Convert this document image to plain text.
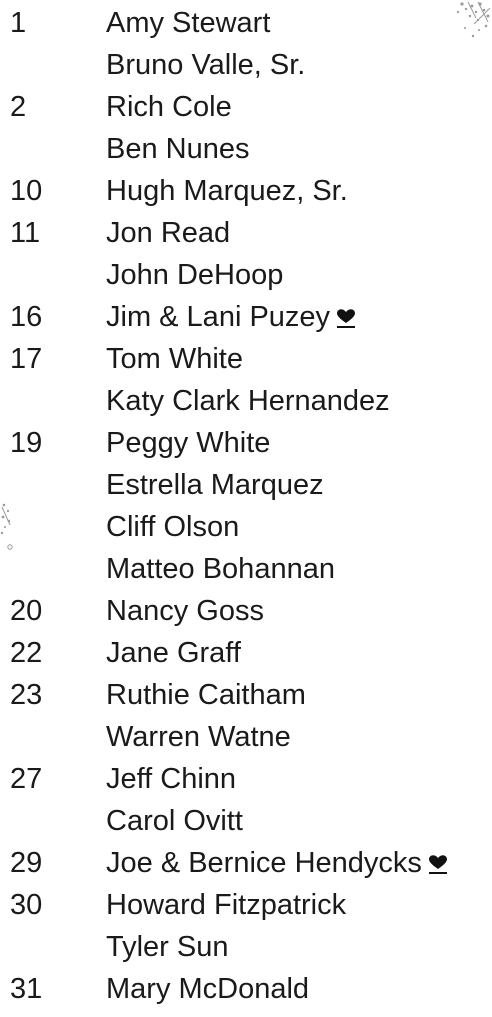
1	Amy Stewart
Bruno Valle, Sr.
2	Rich Cole
Ben Nunes
10 Hugh Marquez, Sr.
11 Jon Read
John DeHoop
16 Jim & Lani Puzey
17 Tom White
Katy Clark Hernandez
19 Peggy White
Estrella Marquez
Cliff Olson
Matteo Bohannan
20 Nancy Goss
22 Jane Graff
23 Ruthie Caitham
Warren Watne
27 Jeff Chinn
Carol Ovitt
29 Joe & Bernice Hendycks
30 Howard Fitzpatrick
Tyler Sun
31 Mary McDonald
